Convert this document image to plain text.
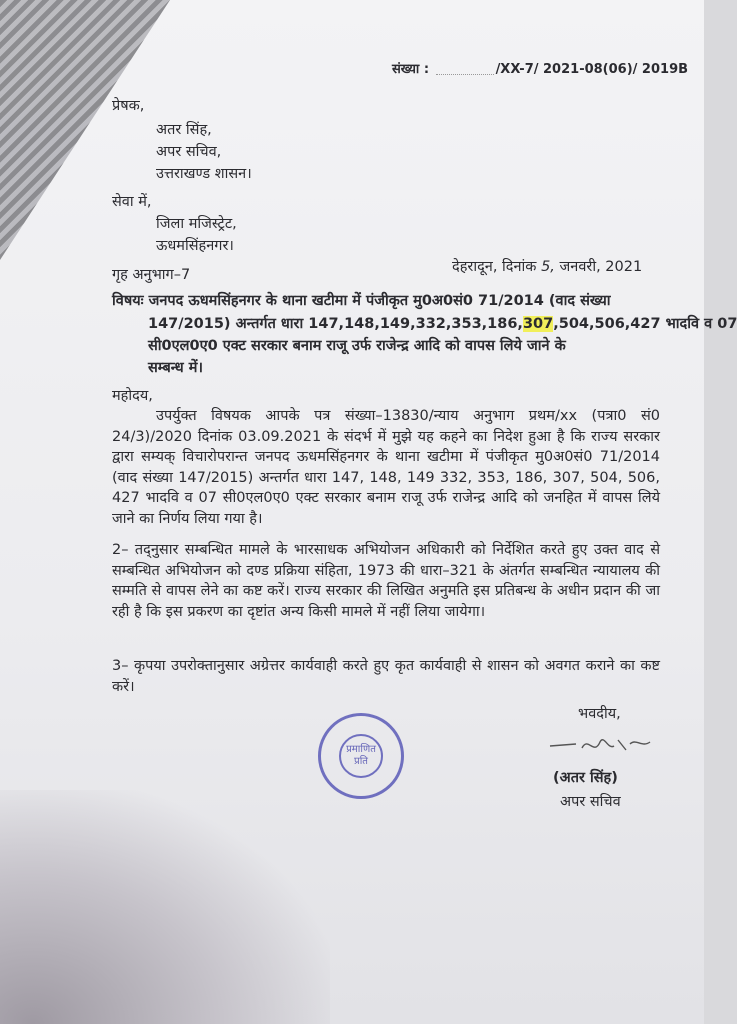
संख्या :	/XX-7/ 2021-08(06)/ 2019B
प्रेषक,
अतर सिंह,
अपर सचिव,
उत्तराखण्ड शासन।
सेवा में,
जिला मजिस्ट्रेट,
ऊधमसिंहनगर।
गृह अनुभाग–7	देहरादून, दिनांक 5, जनवरी, 2021
विषयः जनपद ऊधमसिंहनगर के थाना खटीमा में पंजीकृत मु0अ0सं0 71/2014 (वाद संख्या
147/2015) अन्तर्गत धारा 147,148,149,332,353,186,307,504,506,427 भादवि व 07
सी0एल0ए0 एक्ट सरकार बनाम राजू उर्फ राजेन्द्र आदि को वापस लिये जाने के
सम्बन्ध में।
महोदय,
उपर्युक्त विषयक आपके पत्र संख्या–13830/न्याय अनुभाग प्रथम/xx (पत्रा0 सं0 24/3)/2020 दिनांक 03.09.2021 के संदर्भ में मुझे यह कहने का निदेश हुआ है कि राज्य सरकार द्वारा सम्यक् विचारोपरान्त जनपद ऊधमसिंहनगर के थाना खटीमा में पंजीकृत मु0अ0सं0 71/2014 (वाद संख्या 147/2015) अन्तर्गत धारा 147, 148, 149 332, 353, 186, 307, 504, 506, 427 भादवि व 07 सी0एल0ए0 एक्ट सरकार बनाम राजू उर्फ राजेन्द्र आदि को जनहित में वापस लिये जाने का निर्णय लिया गया है।
2– तद्नुसार सम्बन्धित मामले के भारसाधक अभियोजन अधिकारी को निर्देशित करते हुए उक्त वाद से सम्बन्धित अभियोजन को दण्ड प्रक्रिया संहिता, 1973 की धारा–321 के अंतर्गत सम्बन्धित न्यायालय की सम्मति से वापस लेने का कष्ट करें। राज्य सरकार की लिखित अनुमति इस प्रतिबन्ध के अधीन प्रदान की जा रही है कि इस प्रकरण का दृष्टांत अन्य किसी मामले में नहीं लिया जायेगा।
3– कृपया उपरोक्तानुसार अग्रेत्तर कार्यवाही करते हुए कृत कार्यवाही से शासन को अवगत कराने का कष्ट करें।
भवदीय,
(अतर सिंह)
अपर सचिव
प्रमाणित प्रति
